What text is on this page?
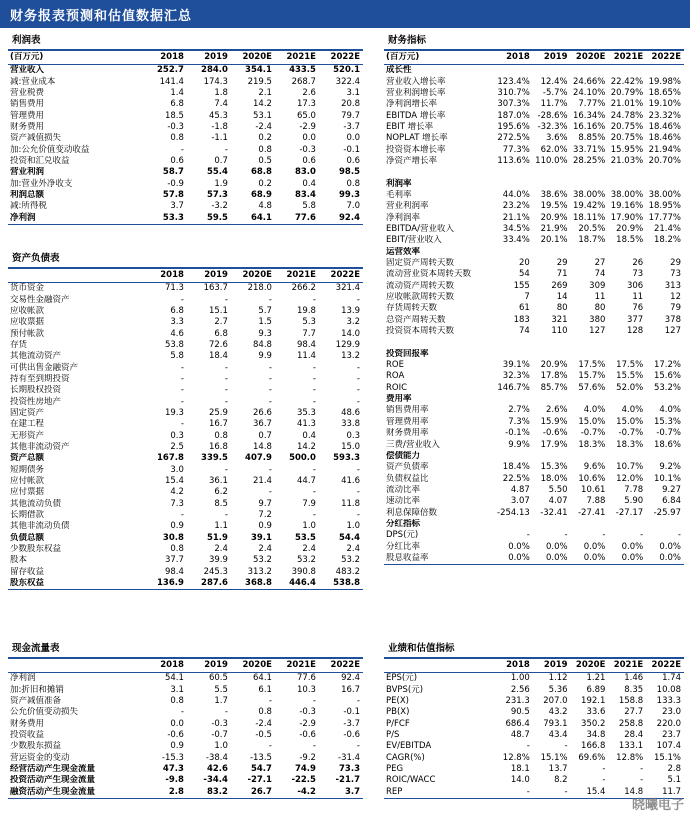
财务报表预测和估值数据汇总
利润表
(百万元)	2018	2019	2020E	2021E	2022E
营业收入	252.7	284.0	354.1	433.5	520.1
减:营业成本	141.4	174.3	219.5	268.7	322.4
营业税费	1.4	1.8	2.1	2.6	3.1
销售费用	6.8	7.4	14.2	17.3	20.8
管理费用	18.5	45.3	53.1	65.0	79.7
财务费用	-0.3	-1.8	-2.4	-2.9	-3.7
资产减值损失	0.8	-1.1	0.2	0.0	0.0
加:公允价值变动收益	-	-	0.8	-0.3	-0.1
投资和汇兑收益	0.6	0.7	0.5	0.6	0.6
营业利润	58.7	55.4	68.8	83.0	98.5
加:营业外净收支	-0.9	1.9	0.2	0.4	0.8
利润总额	57.8	57.3	68.9	83.4	99.3
减:所得税	3.7	-3.2	4.8	5.8	7.0
净利润	53.3	59.5	64.1	77.6	92.4
资产负债表
	2018	2019	2020E	2021E	2022E
货币资金	71.3	163.7	218.0	266.2	321.4
交易性金融资产	-	-	-	-	-
应收帐款	6.8	15.1	5.7	19.8	13.9
应收票据	3.3	2.7	1.5	5.3	3.2
预付帐款	4.6	6.8	9.3	7.7	14.0
存货	53.8	72.6	84.8	98.4	129.9
其他流动资产	5.8	18.4	9.9	11.4	13.2
可供出售金融资产	-	-	-	-	-
持有至到期投资	-	-	-	-	-
长期股权投资	-	-	-	-	-
投资性房地产	-	-	-	-	-
固定资产	19.3	25.9	26.6	35.3	48.6
在建工程	-	16.7	36.7	41.3	33.8
无形资产	0.3	0.8	0.7	0.4	0.3
其他非流动资产	2.5	16.8	14.8	14.2	15.0
资产总额	167.8	339.5	407.9	500.0	593.3
短期债务	3.0	-	-	-	-
应付帐款	15.4	36.1	21.4	44.7	41.6
应付票据	4.2	6.2	-	-	-
其他流动负债	7.3	8.5	9.7	7.9	11.8
长期借款	-	-	7.2	-	-
其他非流动负债	0.9	1.1	0.9	1.0	1.0
负债总额	30.8	51.9	39.1	53.5	54.4
少数股东权益	0.8	2.4	2.4	2.4	2.4
股本	37.7	39.9	53.2	53.2	53.2
留存收益	98.4	245.3	313.2	390.8	483.2
股东权益	136.9	287.6	368.8	446.4	538.8
现金流量表
	2018	2019	2020E	2021E	2022E
净利润	54.1	60.5	64.1	77.6	92.4
加:折旧和摊销	3.1	5.5	6.1	10.3	16.7
资产减值准备	0.8	1.7	-	-	-
公允价值变动损失	-	-	0.8	-0.3	-0.1
财务费用	0.0	-0.3	-2.4	-2.9	-3.7
投资收益	-0.6	-0.7	-0.5	-0.6	-0.6
少数股东损益	0.9	1.0	-	-	-
营运资金的变动	-15.3	-38.4	-13.5	-9.2	-31.4
经营活动产生现金流量	47.3	42.6	54.7	74.9	73.3
投资活动产生现金流量	-9.8	-34.4	-27.1	-22.5	-21.7
融资活动产生现金流量	2.8	83.2	26.7	-4.2	3.7
财务指标
(百万元)	2018	2019	2020E	2021E	2022E
成长性					
营业收入增长率	123.4%	12.4%	24.66%	22.42%	19.98%
营业利润增长率	310.7%	-5.7%	24.10%	20.79%	18.65%
净利润增长率	307.3%	11.7%	7.77%	21.01%	19.10%
EBITDA 增长率	187.0%	-28.6%	16.34%	24.78%	23.32%
EBIT 增长率	195.6%	-32.3%	16.16%	20.75%	18.46%
NOPLAT 增长率	272.5%	3.6%	8.85%	20.75%	18.46%
投资资本增长率	77.3%	62.0%	33.71%	15.95%	21.94%
净资产增长率	113.6%	110.0%	28.25%	21.03%	20.70%

利润率					
毛利率	44.0%	38.6%	38.00%	38.00%	38.00%
营业利润率	23.2%	19.5%	19.42%	19.16%	18.95%
净利润率	21.1%	20.9%	18.11%	17.90%	17.77%
EBITDA/营业收入	34.5%	21.9%	20.5%	20.9%	21.4%
EBIT/营业收入	33.4%	20.1%	18.7%	18.5%	18.2%
运营效率					
固定资产周转天数	20	29	27	26	29
流动营业资本周转天数	54	71	74	73	73
流动资产周转天数	155	269	309	306	313
应收帐款周转天数	7	14	11	11	12
存货周转天数	61	80	80	76	79
总资产周转天数	183	321	380	377	378
投资资本周转天数	74	110	127	128	127

投资回报率					
ROE	39.1%	20.9%	17.5%	17.5%	17.2%
ROA	32.3%	17.8%	15.7%	15.5%	15.6%
ROIC	146.7%	85.7%	57.6%	52.0%	53.2%
费用率					
销售费用率	2.7%	2.6%	4.0%	4.0%	4.0%
管理费用率	7.3%	15.9%	15.0%	15.0%	15.3%
财务费用率	-0.1%	-0.6%	-0.7%	-0.7%	-0.7%
三费/营业收入	9.9%	17.9%	18.3%	18.3%	18.6%
偿债能力					
资产负债率	18.4%	15.3%	9.6%	10.7%	9.2%
负债权益比	22.5%	18.0%	10.6%	12.0%	10.1%
流动比率	4.87	5.50	10.61	7.78	9.27
速动比率	3.07	4.07	7.88	5.90	6.84
利息保障倍数	-254.13	-32.41	-27.41	-27.17	-25.97
分红指标					
DPS(元)	-	-	-	-	-
分红比率	0.0%	0.0%	0.0%	0.0%	0.0%
股息收益率	0.0%	0.0%	0.0%	0.0%	0.0%
业绩和估值指标
	2018	2019	2020E	2021E	2022E
EPS(元)	1.00	1.12	1.21	1.46	1.74
BVPS(元)	2.56	5.36	6.89	8.35	10.08
PE(X)	231.3	207.0	192.1	158.8	133.3
PB(X)	90.5	43.2	33.6	27.7	23.0
P/FCF	686.4	793.1	350.2	258.8	220.0
P/S	48.7	43.4	34.8	28.4	23.7
EV/EBITDA	-	-	166.8	133.1	107.4
CAGR(%)	12.8%	15.1%	69.6%	12.8%	15.1%
PEG	18.1	13.7	-	-	2.8
ROIC/WACC	14.0	8.2	-	-	5.1
REP	-	-	15.4	14.8	11.7
晓曦电子
